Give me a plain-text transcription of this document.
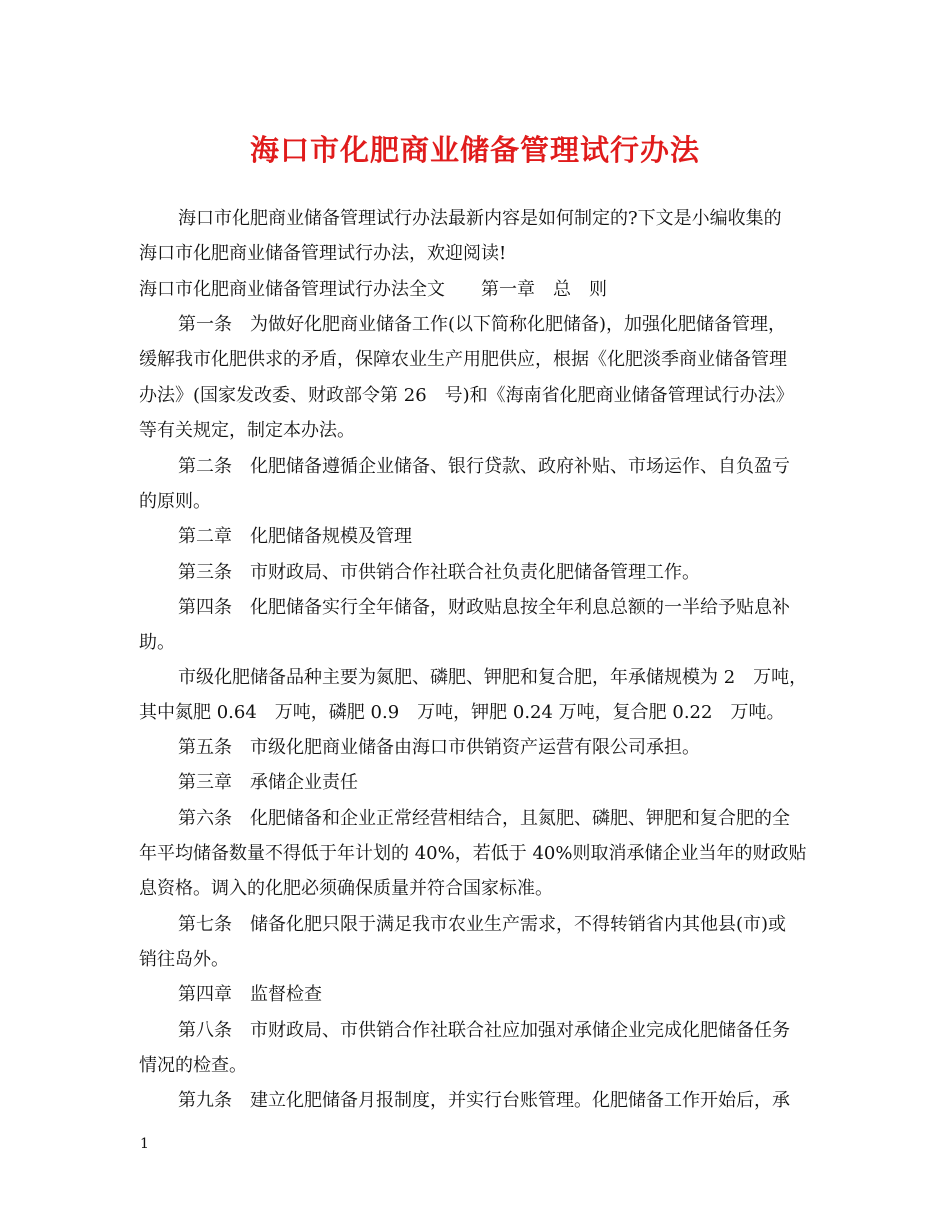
海口市化肥商业储备管理试行办法
海口市化肥商业储备管理试行办法最新内容是如何制定的?下文是小编收集的
海口市化肥商业储备管理试行办法，欢迎阅读!
海口市化肥商业储备管理试行办法全文　　第一章　总　则
第一条　为做好化肥商业储备工作(以下简称化肥储备)，加强化肥储备管理，
缓解我市化肥供求的矛盾，保障农业生产用肥供应，根据《化肥淡季商业储备管理
办法》(国家发改委、财政部令第 26　号)和《海南省化肥商业储备管理试行办法》
等有关规定，制定本办法。
第二条　化肥储备遵循企业储备、银行贷款、政府补贴、市场运作、自负盈亏
的原则。
第二章　化肥储备规模及管理
第三条　市财政局、市供销合作社联合社负责化肥储备管理工作。
第四条　化肥储备实行全年储备，财政贴息按全年利息总额的一半给予贴息补
助。
市级化肥储备品种主要为氮肥、磷肥、钾肥和复合肥，年承储规模为 2　万吨，
其中氮肥 0.64　万吨，磷肥 0.9　万吨，钾肥 0.24 万吨，复合肥 0.22　万吨。
第五条　市级化肥商业储备由海口市供销资产运营有限公司承担。
第三章　承储企业责任
第六条　化肥储备和企业正常经营相结合，且氮肥、磷肥、钾肥和复合肥的全
年平均储备数量不得低于年计划的 40%，若低于 40%则取消承储企业当年的财政贴
息资格。调入的化肥必须确保质量并符合国家标准。
第七条　储备化肥只限于满足我市农业生产需求，不得转销省内其他县(市)或
销往岛外。
第四章　监督检查
第八条　市财政局、市供销合作社联合社应加强对承储企业完成化肥储备任务
情况的检查。
第九条　建立化肥储备月报制度，并实行台账管理。化肥储备工作开始后，承
1
